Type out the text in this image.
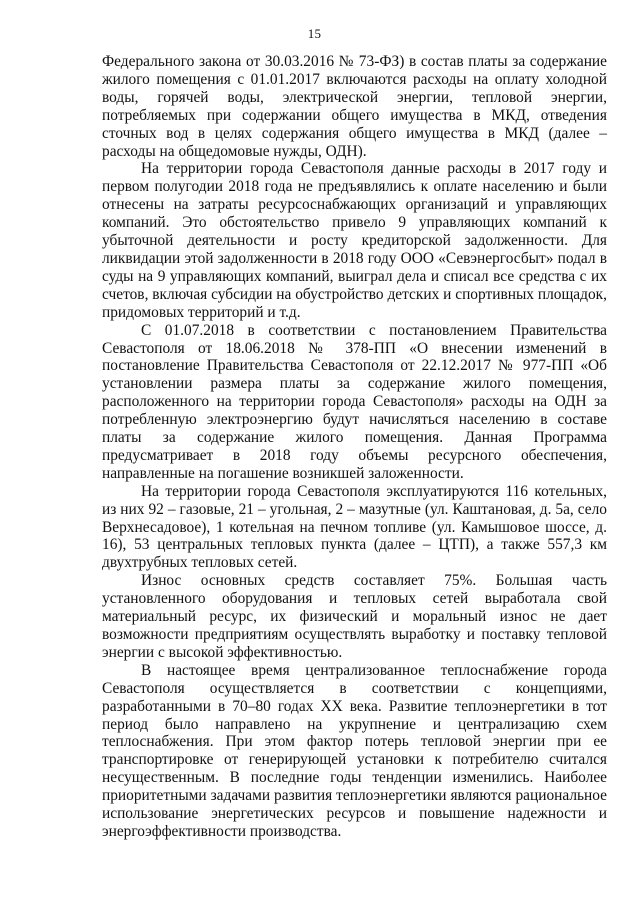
15

Федерального закона от 30.03.2016 № 73-ФЗ) в состав платы за содержание жилого помещения с 01.01.2017 включаются расходы на оплату холодной воды, горячей воды, электрической энергии, тепловой энергии, потребляемых при содержании общего имущества в МКД, отведения сточных вод в целях содержания общего имущества в МКД (далее – расходы на общедомовые нужды, ОДН).

На территории города Севастополя данные расходы в 2017 году и первом полугодии 2018 года не предъявлялись к оплате населению и были отнесены на затраты ресурсоснабжающих организаций и управляющих компаний. Это обстоятельство привело 9 управляющих компаний к убыточной деятельности и росту кредиторской задолженности. Для ликвидации этой задолженности в 2018 году ООО «Севэнергосбыт» подал в суды на 9 управляющих компаний, выиграл дела и списал все средства с их счетов, включая субсидии на обустройство детских и спортивных площадок, придомовых территорий и т.д.

С 01.07.2018 в соответствии с постановлением Правительства Севастополя от 18.06.2018 № 378-ПП «О внесении изменений в постановление Правительства Севастополя от 22.12.2017 № 977-ПП «Об установлении размера платы за содержание жилого помещения, расположенного на территории города Севастополя» расходы на ОДН за потребленную электроэнергию будут начисляться населению в составе платы за содержание жилого помещения. Данная Программа предусматривает в 2018 году объемы ресурсного обеспечения, направленные на погашение возникшей заложенности.

На территории города Севастополя эксплуатируются 116 котельных, из них 92 – газовые, 21 – угольная, 2 – мазутные (ул. Каштановая, д. 5а, село Верхнесадовое), 1 котельная на печном топливе (ул. Камышовое шоссе, д. 16), 53 центральных тепловых пункта (далее – ЦТП), а также 557,3 км двухтрубных тепловых сетей.

Износ основных средств составляет 75%. Большая часть установленного оборудования и тепловых сетей выработала свой материальный ресурс, их физический и моральный износ не дает возможности предприятиям осуществлять выработку и поставку тепловой энергии с высокой эффективностью.

В настоящее время централизованное теплоснабжение города Севастополя осуществляется в соответствии с концепциями, разработанными в 70–80 годах XX века. Развитие теплоэнергетики в тот период было направлено на укрупнение и централизацию схем теплоснабжения. При этом фактор потерь тепловой энергии при ее транспортировке от генерирующей установки к потребителю считался несущественным. В последние годы тенденции изменились. Наиболее приоритетными задачами развития теплоэнергетики являются рациональное использование энергетических ресурсов и повышение надежности и энергоэффективности производства.
